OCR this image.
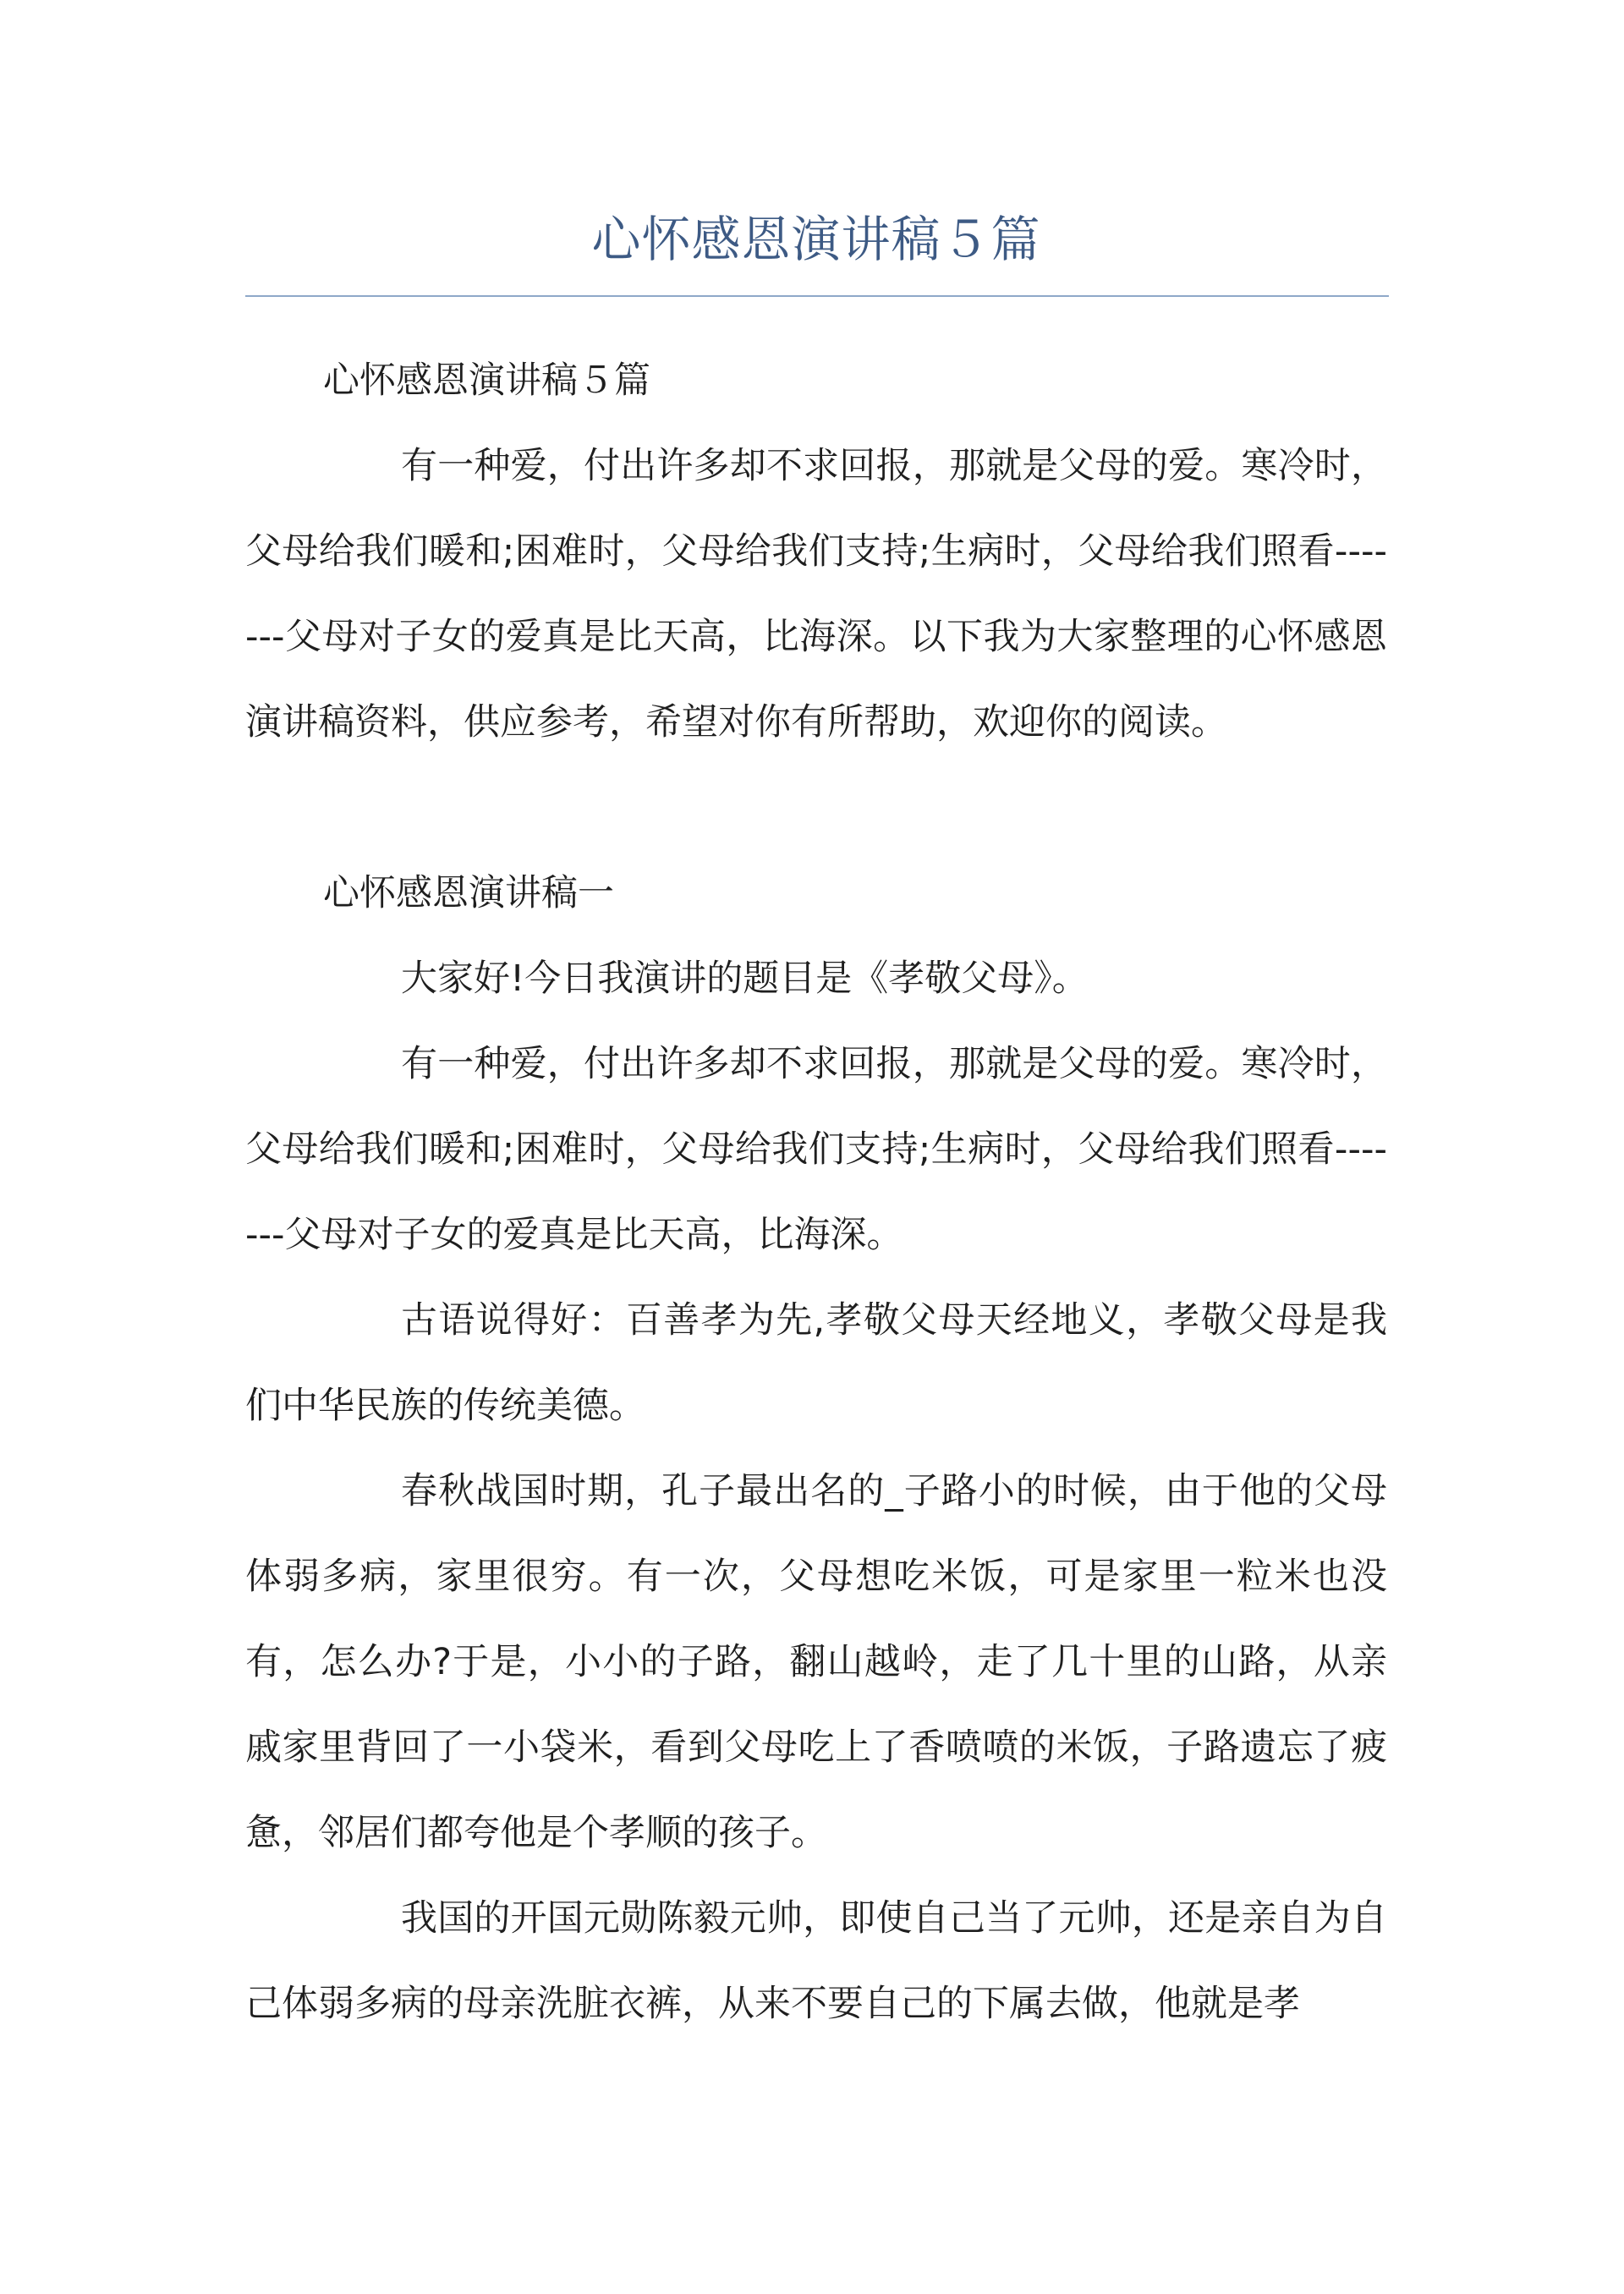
心怀感恩演讲稿５篇

心怀感恩演讲稿５篇

有一种爱，付出许多却不求回报，那就是父母的爱。寒冷时，父母给我们暖和;困难时，父母给我们支持;生病时，父母给我们照看-------父母对子女的爱真是比天高，比海深。以下我为大家整理的心怀感恩演讲稿资料，供应参考，希望对你有所帮助，欢迎你的阅读。

心怀感恩演讲稿一

大家好!今日我演讲的题目是《孝敬父母》。

有一种爱，付出许多却不求回报，那就是父母的爱。寒冷时，父母给我们暖和;困难时，父母给我们支持;生病时，父母给我们照看-------父母对子女的爱真是比天高，比海深。

古语说得好：百善孝为先,孝敬父母天经地义，孝敬父母是我们中华民族的传统美德。

春秋战国时期，孔子最出名的_子路小的时候，由于他的父母体弱多病，家里很穷。有一次，父母想吃米饭，可是家里一粒米也没有，怎么办?于是，小小的子路，翻山越岭，走了几十里的山路，从亲戚家里背回了一小袋米，看到父母吃上了香喷喷的米饭，子路遗忘了疲惫，邻居们都夸他是个孝顺的孩子。

我国的开国元勋陈毅元帅，即使自己当了元帅，还是亲自为自己体弱多病的母亲洗脏衣裤，从来不要自己的下属去做，他就是孝
